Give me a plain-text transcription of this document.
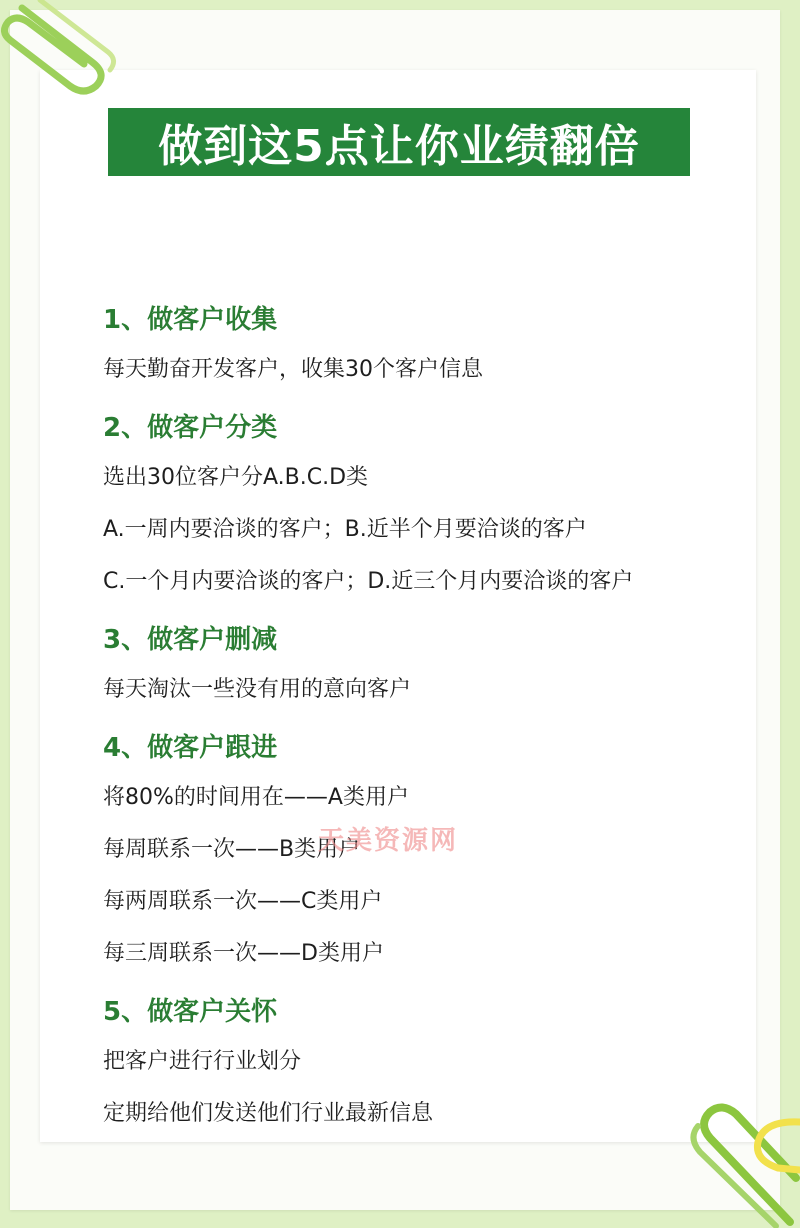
做到这5点让你业绩翻倍
1、做客户收集
每天勤奋开发客户，收集30个客户信息
2、做客户分类
选出30位客户分A.B.C.D类
A.一周内要洽谈的客户；B.近半个月要洽谈的客户
C.一个月内要洽谈的客户；D.近三个月内要洽谈的客户
3、做客户删减
每天淘汰一些没有用的意向客户
4、做客户跟进
将80%的时间用在——A类用户
每周联系一次——B类用户
每两周联系一次——C类用户
每三周联系一次——D类用户
5、做客户关怀
把客户进行行业划分
定期给他们发送他们行业最新信息
天美资源网
